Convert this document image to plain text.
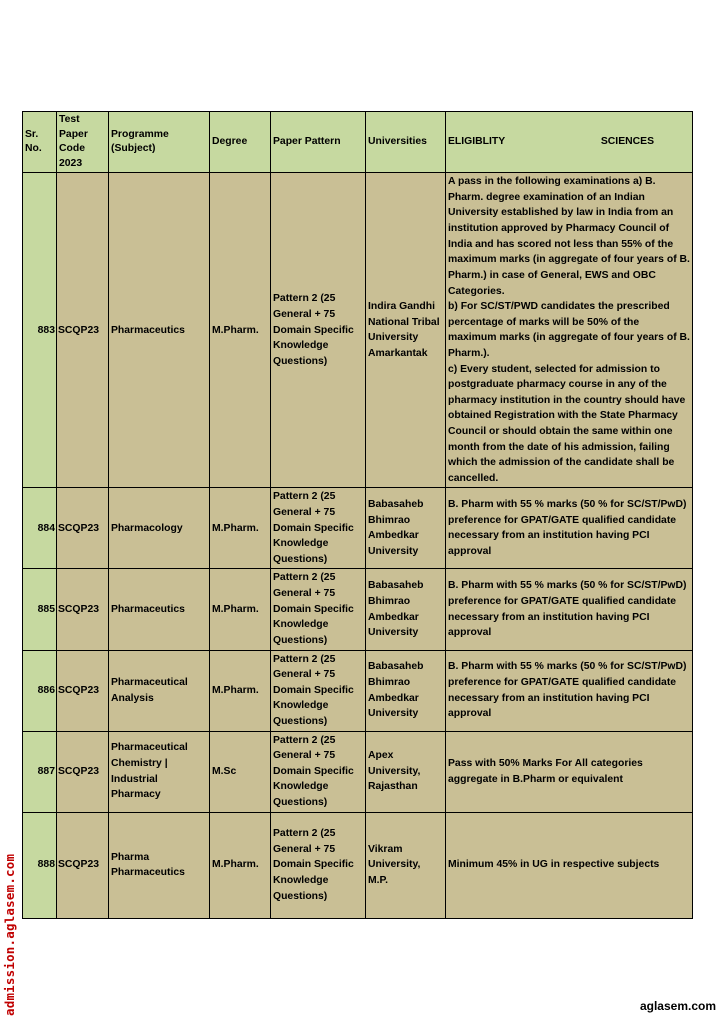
Sr. No.	Test Paper Code 2023	Programme (Subject)	Degree	Paper Pattern	Universities	ELIGIBLITY SCIENCES

883	SCQP23	Pharmaceutics	M.Pharm.	Pattern 2 (25 General + 75 Domain Specific Knowledge Questions)	Indira Gandhi National Tribal University Amarkantak	A pass in the following examinations a) B. Pharm. degree examination of an Indian University established by law in India from an institution approved by Pharmacy Council of India and has scored not less than 55% of the maximum marks (in aggregate of four years of B. Pharm.) in case of General, EWS and OBC Categories.
b) For SC/ST/PWD candidates the prescribed percentage of marks will be 50% of the maximum marks (in aggregate of four years of B. Pharm.).
c) Every student, selected for admission to postgraduate pharmacy course in any of the pharmacy institution in the country should have obtained Registration with the State Pharmacy Council or should obtain the same within one month from the date of his admission, failing which the admission of the candidate shall be cancelled.
884	SCQP23	Pharmacology	M.Pharm.	Pattern 2 (25 General + 75 Domain Specific Knowledge Questions)	Babasaheb Bhimrao Ambedkar University	B. Pharm with 55 % marks (50 % for SC/ST/PwD) preference for GPAT/GATE qualified candidate necessary from an institution having PCI approval
885	SCQP23	Pharmaceutics	M.Pharm.	Pattern 2 (25 General + 75 Domain Specific Knowledge Questions)	Babasaheb Bhimrao Ambedkar University	B. Pharm with 55 % marks (50 % for SC/ST/PwD) preference for GPAT/GATE qualified candidate necessary from an institution having PCI approval
886	SCQP23	Pharmaceutical Analysis	M.Pharm.	Pattern 2 (25 General + 75 Domain Specific Knowledge Questions)	Babasaheb Bhimrao Ambedkar University	B. Pharm with 55 % marks (50 % for SC/ST/PwD) preference for GPAT/GATE qualified candidate necessary from an institution having PCI approval
887	SCQP23	Pharmaceutical Chemistry | Industrial Pharmacy	M.Sc	Pattern 2 (25 General + 75 Domain Specific Knowledge Questions)	Apex University, Rajasthan	Pass with 50% Marks For All categories aggregate in B.Pharm or equivalent
888	SCQP23	Pharma Pharmaceutics	M.Pharm.	Pattern 2 (25 General + 75 Domain Specific Knowledge Questions)	Vikram University, M.P.	Minimum 45% in UG in respective subjects
admission.aglasem.com	aglasem.com
